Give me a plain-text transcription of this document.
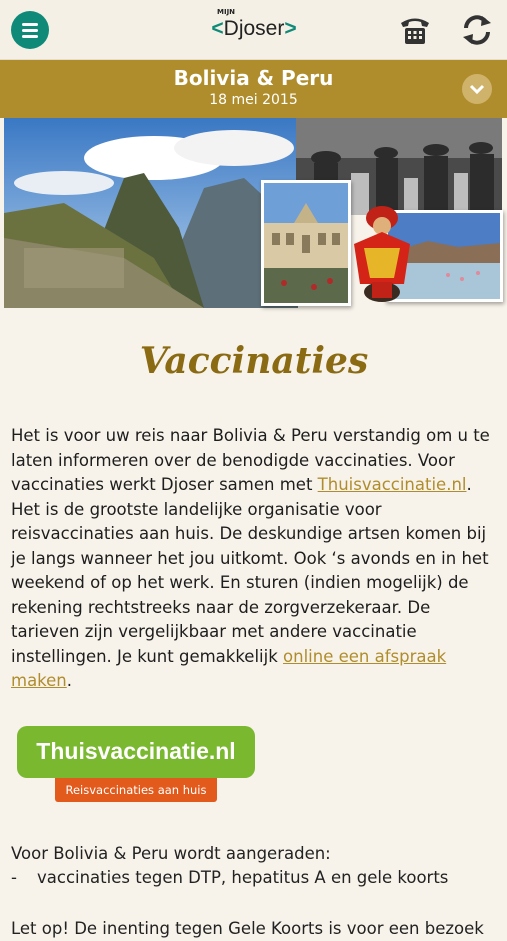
MIJN
<Djoser>
Bolivia & Peru
18 mei 2015
Vaccinaties

Het is voor uw reis naar Bolivia & Peru verstandig om u te laten informeren over de benodigde vaccinaties. Voor vaccinaties werkt Djoser samen met Thuisvaccinatie.nl. Het is de grootste landelijke organisatie voor reisvaccinaties aan huis. De deskundige artsen komen bij je langs wanneer het jou uitkomt. Ook ‘s avonds en in het weekend of op het werk. En sturen (indien mogelijk) de rekening rechtstreeks naar de zorgverzekeraar. De tarieven zijn vergelijkbaar met andere vaccinatie instellingen. Je kunt gemakkelijk online een afspraak maken.

Thuisvaccinatie.nl
Reisvaccinaties aan huis
Voor Bolivia & Peru wordt aangeraden:
-	vaccinaties tegen DTP, hepatitus A en gele koorts
Let op! De inenting tegen Gele Koorts is voor een bezoek
